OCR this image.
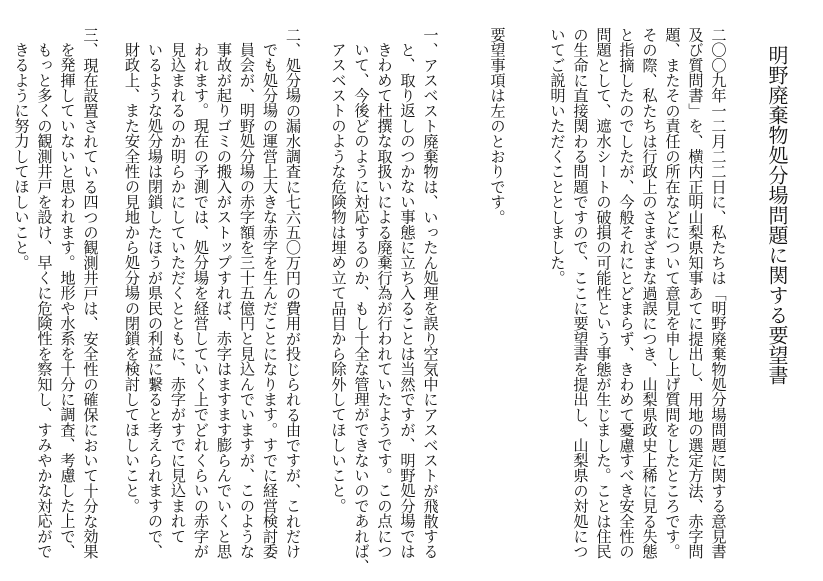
明野廃棄物処分場問題に関する要望書
二〇〇九年一二月二二日に、私たちは「明野廃棄物処分場問題に関する意見書
及び質問書」を、横内正明山梨県知事あてに提出し、用地の選定方法、赤字問
題、またその責任の所在などについて意見を申し上げ質問をしたところです。
その際、私たちは行政上のさまざまな過誤につき、山梨県政史上稀に見る失態
と指摘したのでしたが、今般それにとどまらず、きわめて憂慮すべき安全性の
問題として、遮水シートの破損の可能性という事態が生じました。ことは住民
の生命に直接関わる問題ですので、ここに要望書を提出し、山梨県の対処につ
いてご説明いただくこととしました。
要望事項は左のとおりです。
一、アスベスト廃棄物は、いったん処理を誤り空気中にアスベストが飛散する
と、取り返しのつかない事態に立ち入ることは当然ですが、明野処分場では
きわめて杜撰な取扱いによる廃棄行為が行われていたようです。この点につ
いて、今後どのように対応するのか、もし十全な管理ができないのであれば、
アスベストのような危険物は埋め立て品目から除外してほしいこと。
二、処分場の漏水調査に七六五〇万円の費用が投じられる由ですが、これだけ
でも処分場の運営上大きな赤字を生んだことになります。すでに経営検討委
員会が、明野処分場の赤字額を三十五億円と見込んでいますが、このような
事故が起りゴミの搬入がストップすれば、赤字はますます膨らんでいくと思
われます。現在の予測では、処分場を経営していく上でどれくらいの赤字が
見込まれるのか明らかにしていただくとともに、赤字がすでに見込まれて
いるような処分場は閉鎖したほうが県民の利益に繋ると考えられますので、
財政上、また安全性の見地から処分場の閉鎖を検討してほしいこと。
三、現在設置されている四つの観測井戸は、安全性の確保において十分な効果
を発揮していないと思われます。地形や水系を十分に調査、考慮した上で、
もっと多くの観測井戸を設け、早くに危険性を察知し、すみやかな対応がで
きるように努力してほしいこと。
